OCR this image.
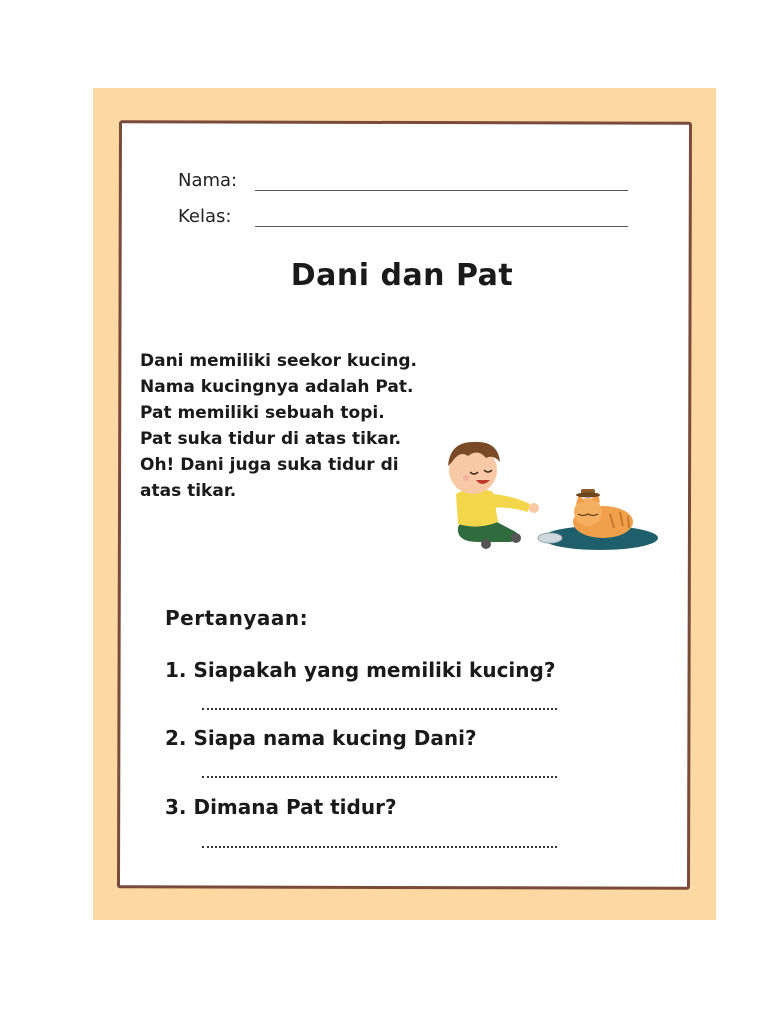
Nama:
Kelas:
Dani dan Pat
Dani memiliki seekor kucing.
Nama kucingnya adalah Pat.
Pat memiliki sebuah topi.
Pat suka tidur di atas tikar.
Oh! Dani juga suka tidur di
atas tikar.
Pertanyaan:
1. Siapakah yang memiliki kucing?
2. Siapa nama kucing Dani?
3. Dimana Pat tidur?
